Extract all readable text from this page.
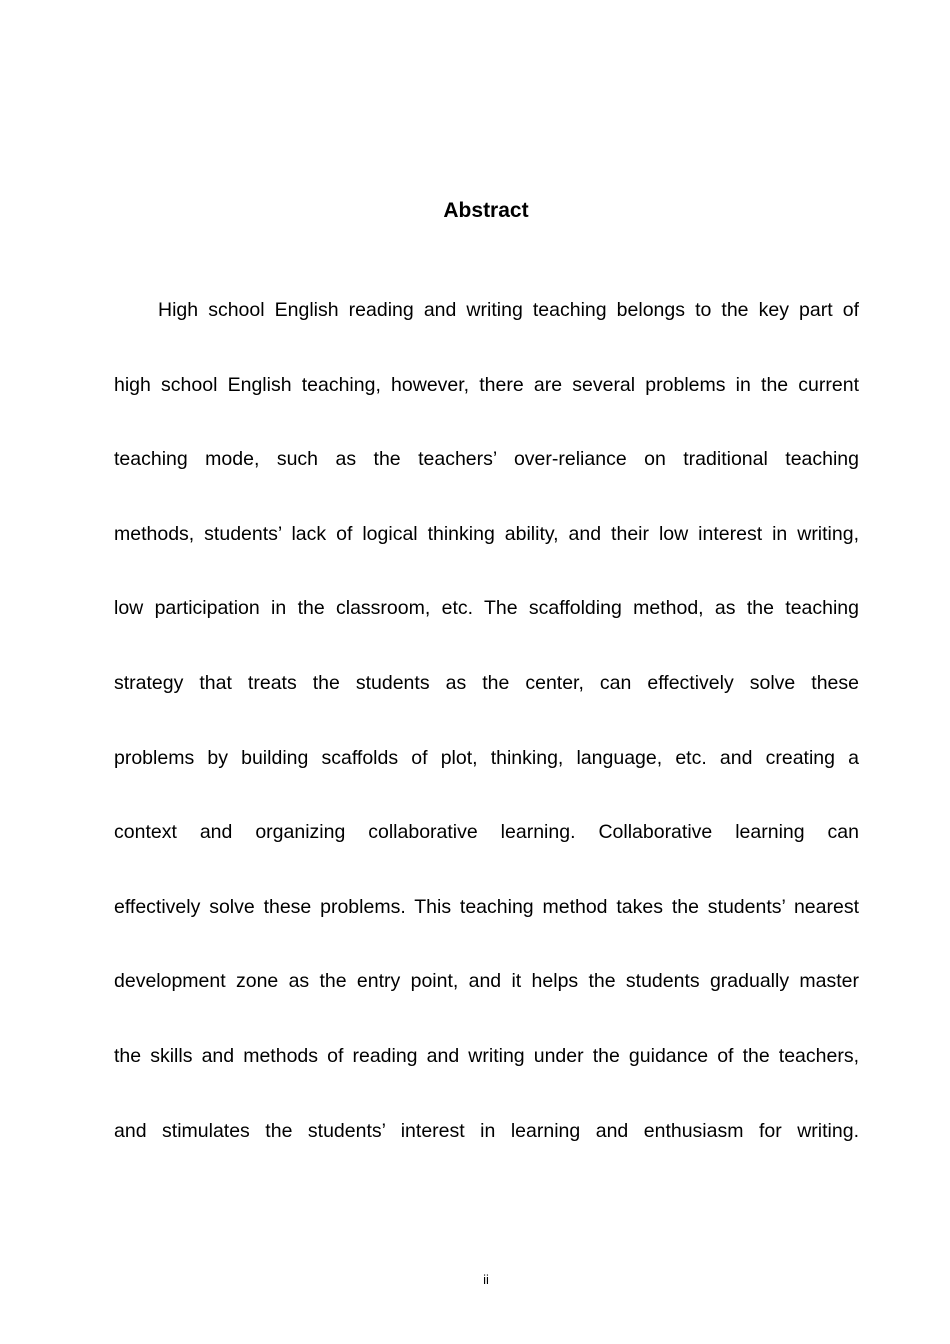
Abstract
High school English reading and writing teaching belongs to the key part of
high school English teaching, however, there are several problems in the current
teaching mode, such as the teachers’ over-reliance on traditional teaching
methods, students’ lack of logical thinking ability, and their low interest in writing,
low participation in the classroom, etc. The scaffolding method, as the teaching
strategy that treats the students as the center, can effectively solve these
problems by building scaffolds of plot, thinking, language, etc. and creating a
context and organizing collaborative learning. Collaborative learning can
effectively solve these problems. This teaching method takes the students’ nearest
development zone as the entry point, and it helps the students gradually master
the skills and methods of reading and writing under the guidance of the teachers,
and stimulates the students’ interest in learning and enthusiasm for writing.

ii
